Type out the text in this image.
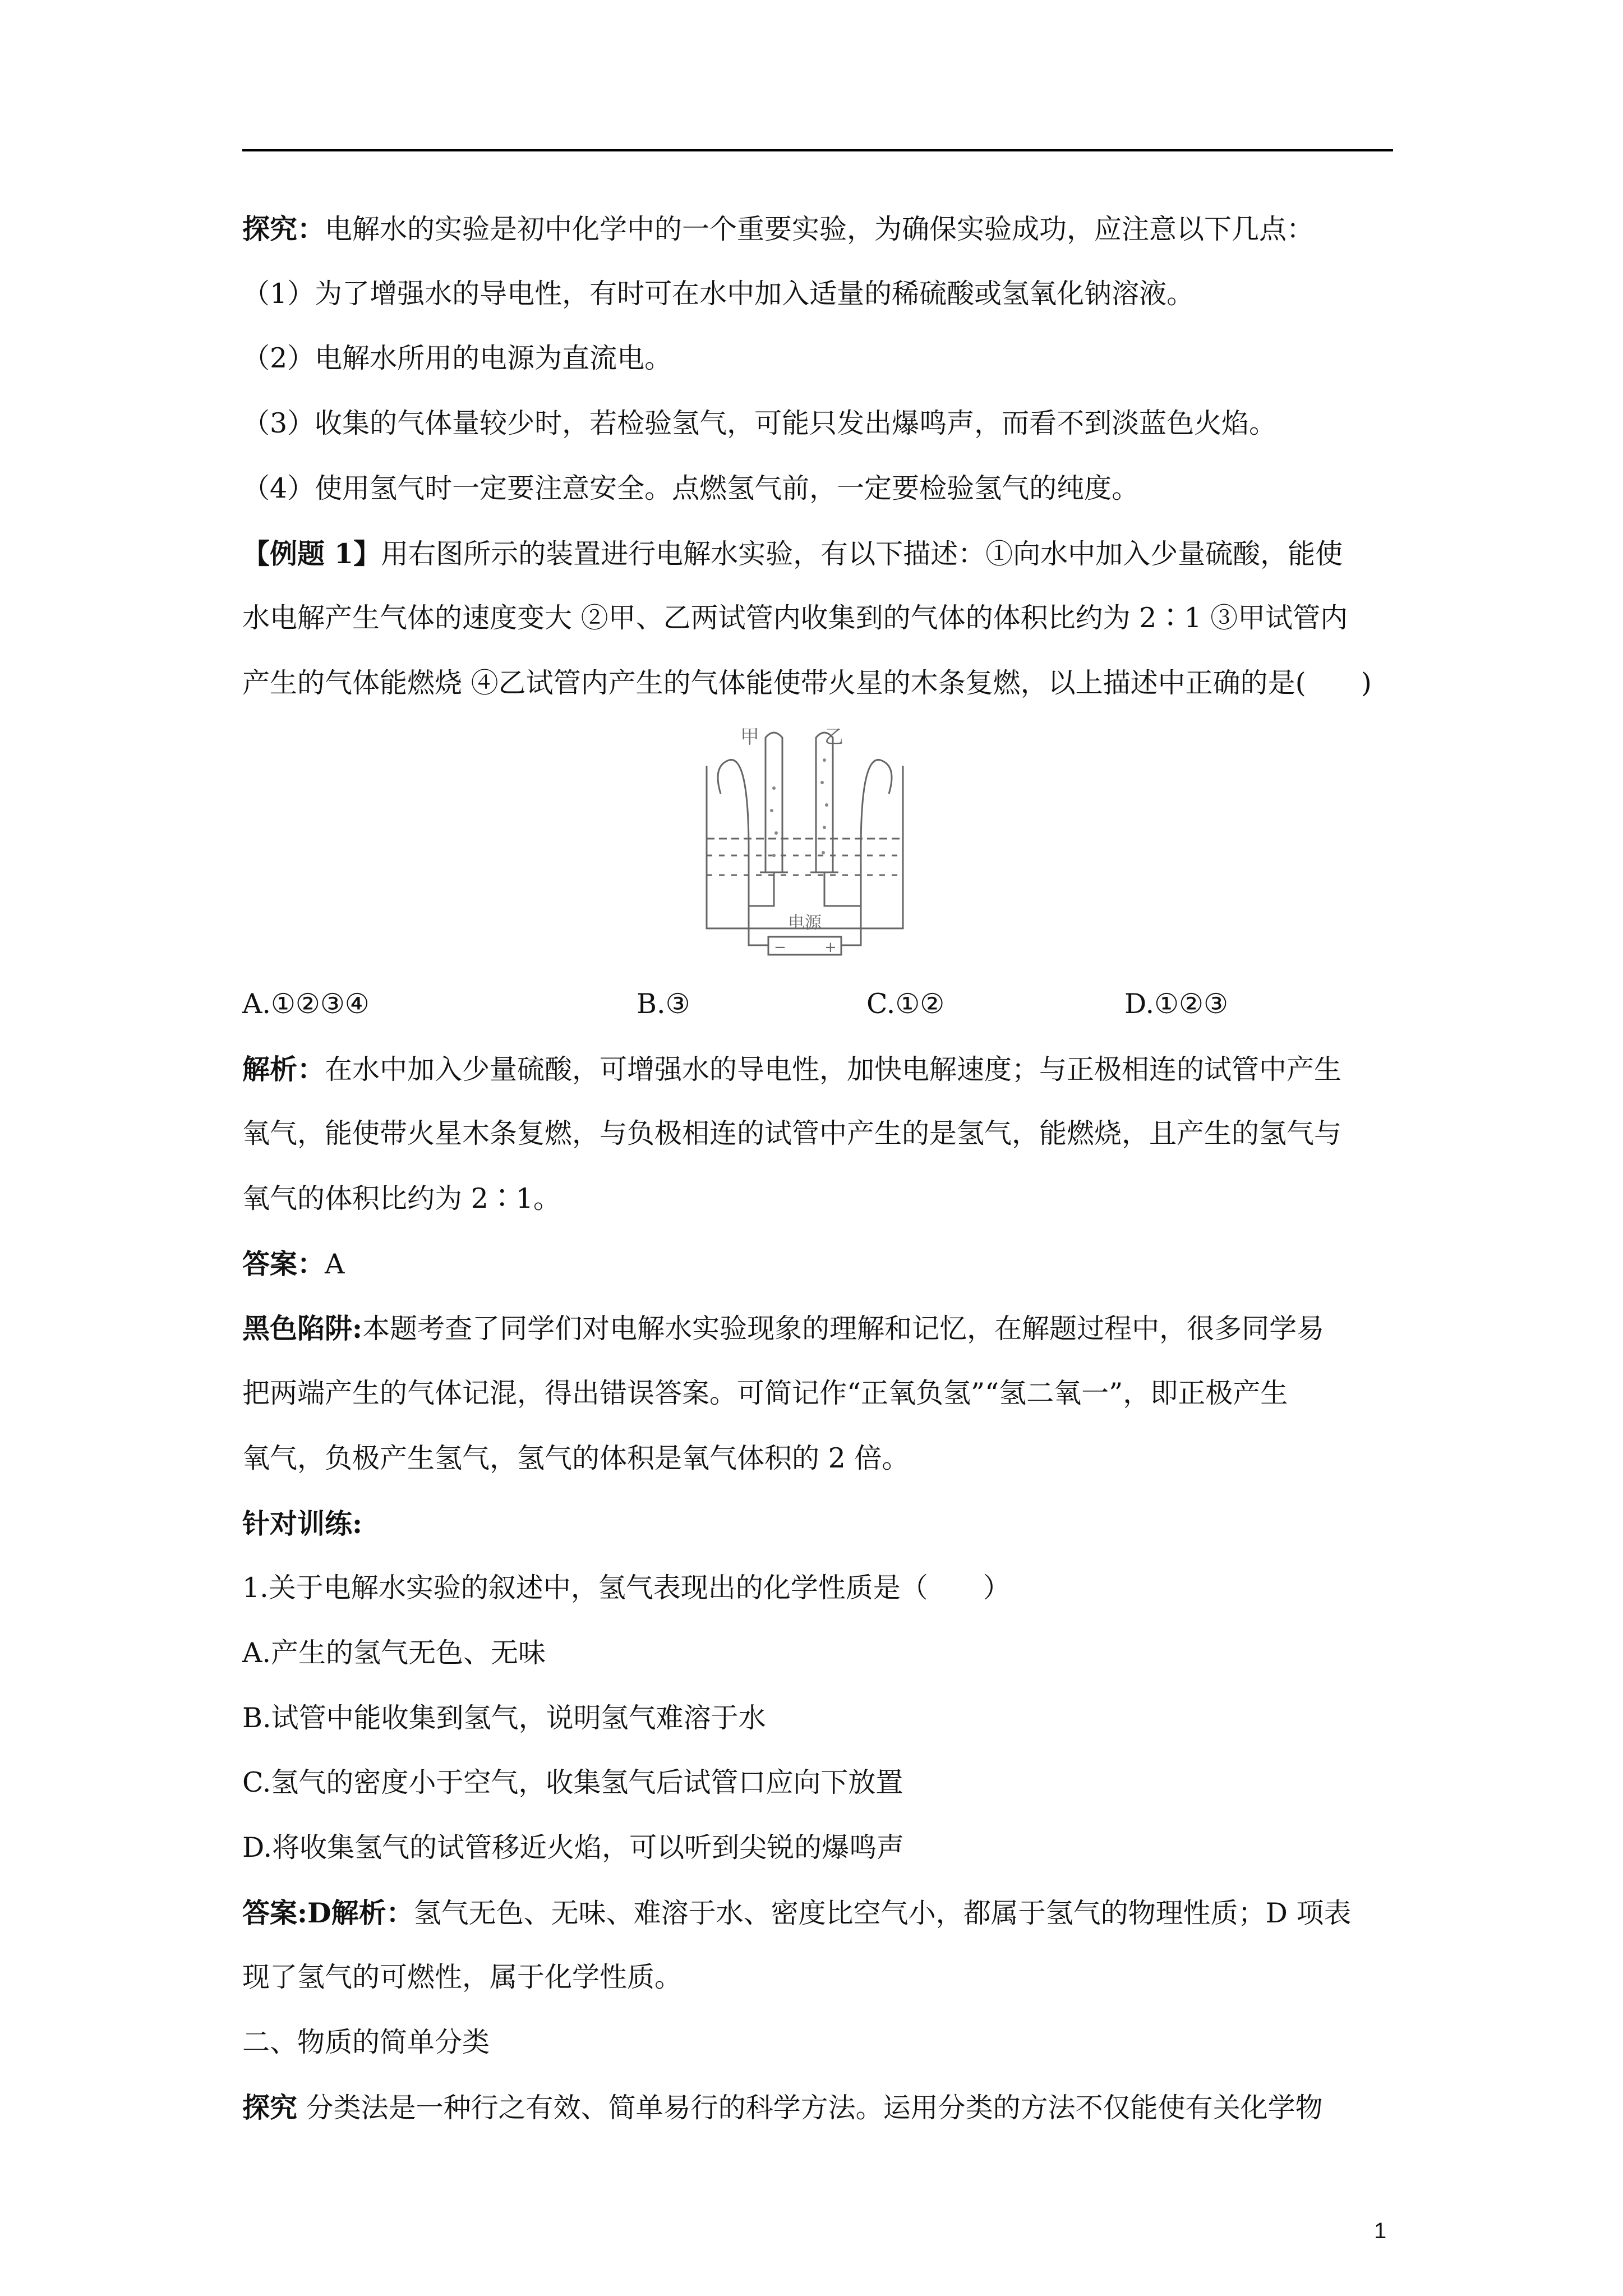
探究：电解水的实验是初中化学中的一个重要实验，为确保实验成功，应注意以下几点：
（1）为了增强水的导电性，有时可在水中加入适量的稀硫酸或氢氧化钠溶液。
（2）电解水所用的电源为直流电。
（3）收集的气体量较少时，若检验氢气，可能只发出爆鸣声，而看不到淡蓝色火焰。
（4）使用氢气时一定要注意安全。点燃氢气前，一定要检验氢气的纯度。
【例题 1】用右图所示的装置进行电解水实验，有以下描述：①向水中加入少量硫酸，能使
水电解产生气体的速度变大 ②甲、乙两试管内收集到的气体的体积比约为 2∶1 ③甲试管内
产生的气体能燃烧 ④乙试管内产生的气体能使带火星的木条复燃，以上描述中正确的是(　　)
甲	乙
电源
−	+
A.①②③④	B.③	C.①②	D.①②③
解析：在水中加入少量硫酸，可增强水的导电性，加快电解速度；与正极相连的试管中产生
氧气，能使带火星木条复燃，与负极相连的试管中产生的是氢气，能燃烧，且产生的氢气与
氧气的体积比约为 2∶1。
答案：A
黑色陷阱:本题考查了同学们对电解水实验现象的理解和记忆，在解题过程中，很多同学易
把两端产生的气体记混，得出错误答案。可简记作“正氧负氢”“氢二氧一”，即正极产生
氧气，负极产生氢气，氢气的体积是氧气体积的 2 倍。
针对训练:
1.关于电解水实验的叙述中，氢气表现出的化学性质是（　　）
A.产生的氢气无色、无味
B.试管中能收集到氢气，说明氢气难溶于水
C.氢气的密度小于空气，收集氢气后试管口应向下放置
D.将收集氢气的试管移近火焰，可以听到尖锐的爆鸣声
答案:D解析：氢气无色、无味、难溶于水、密度比空气小，都属于氢气的物理性质；D 项表
现了氢气的可燃性，属于化学性质。
二、物质的简单分类
探究 分类法是一种行之有效、简单易行的科学方法。运用分类的方法不仅能使有关化学物
1
